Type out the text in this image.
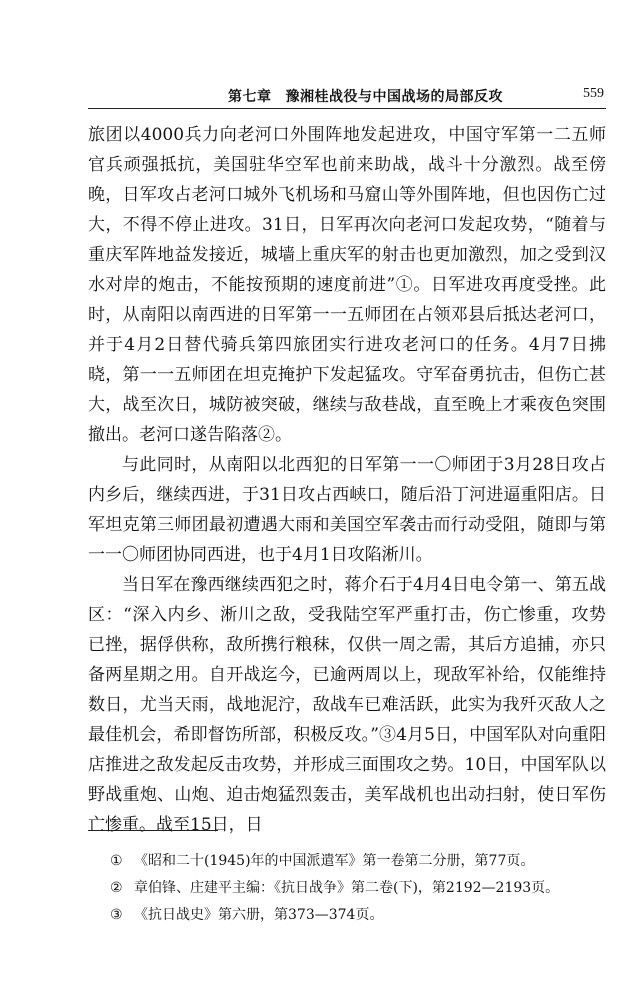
第七章 豫湘桂战役与中国战场的局部反攻	559

旅团以4000兵力向老河口外围阵地发起进攻，中国守军第一二五师官兵顽强抵抗，美国驻华空军也前来助战，战斗十分激烈。战至傍晚，日军攻占老河口城外飞机场和马窟山等外围阵地，但也因伤亡过大，不得不停止进攻。31日，日军再次向老河口发起攻势，“随着与重庆军阵地益发接近，城墙上重庆军的射击也更加激烈，加之受到汉水对岸的炮击，不能按预期的速度前进”①。日军进攻再度受挫。此时，从南阳以南西进的日军第一一五师团在占领邓县后抵达老河口，并于4月2日替代骑兵第四旅团实行进攻老河口的任务。4月7日拂晓，第一一五师团在坦克掩护下发起猛攻。守军奋勇抗击，但伤亡甚大，战至次日，城防被突破，继续与敌巷战，直至晚上才乘夜色突围撤出。老河口遂告陷落②。

与此同时，从南阳以北西犯的日军第一一〇师团于3月28日攻占内乡后，继续西进，于31日攻占西峡口，随后沿丁河进逼重阳店。日军坦克第三师团最初遭遇大雨和美国空军袭击而行动受阻，随即与第一一〇师团协同西进，也于4月1日攻陷淅川。

当日军在豫西继续西犯之时，蒋介石于4月4日电令第一、第五战区：“深入内乡、淅川之敌，受我陆空军严重打击，伤亡惨重，攻势已挫，据俘供称，敌所携行粮秣，仅供一周之需，其后方追捕，亦只备两星期之用。自开战迄今，已逾两周以上，现敌军补给，仅能维持数日，尤当天雨，战地泥泞，敌战车已难活跃，此实为我歼灭敌人之最佳机会，希即督饬所部，积极反攻。”③4月5日，中国军队对向重阳店推进之敌发起反击攻势，并形成三面围攻之势。10日，中国军队以野战重炮、山炮、迫击炮猛烈轰击，美军战机也出动扫射，使日军伤亡惨重。战至15日，日

① 《昭和二十(1945)年的中国派遣军》第一卷第二分册，第77页。
② 章伯锋、庄建平主编：《抗日战争》第二卷(下)，第2192—2193页。
③ 《抗日战史》第六册，第373—374页。
